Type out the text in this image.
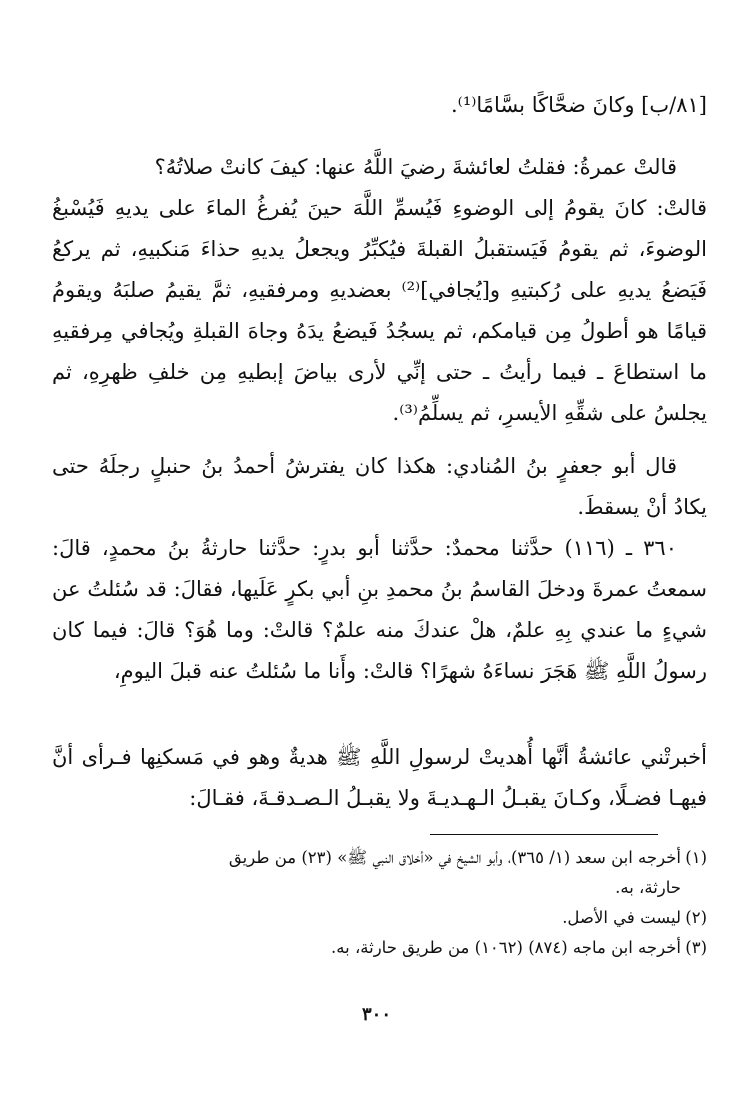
[٨١/ب] وكانَ ضحَّاكًا بسَّامًا⁽¹⁾.

قالتْ عمرةُ: فقلتُ لعائشةَ رضيَ اللَّهُ عنها: كيفَ كانتْ صلاتُهُ؟

قالتْ: كانَ يقومُ إلى الوضوءِ فَيُسمِّ اللَّهَ حينَ يُفرغُ الماءَ على يديهِ فَيُسْبغُ الوضوءَ، ثم يقومُ فَيَستقبلُ القبلةَ فيُكبِّرُ ويجعلُ يديهِ حذاءَ مَنكبيهِ، ثم يركعُ فَيَضعُ يديهِ على رُكبتيهِ و[يُجافي]⁽²⁾ بعضديهِ ومرفقيهِ، ثمَّ يقيمُ صلبَهُ ويقومُ قيامًا هو أطولُ مِن قيامكم، ثم يسجُدُ فَيضعُ يدَهُ وجاهَ القبلةِ ويُجافي مِرفقيهِ ما استطاعَ ـ فيما رأيتُ ـ حتى إنِّي لأرى بياضَ إبطيهِ مِن خلفِ ظهرِهِ، ثم يجلسُ على شقِّهِ الأيسرِ، ثم يسلِّمُ⁽³⁾.

قال أبو جعفرٍ بنُ المُنادي: هكذا كان يفترشُ أحمدُ بنُ حنبلٍ رجلَهُ حتى يكادُ أنْ يسقطَ.

٣٦٠ ـ (١١٦) حدَّثنا محمدٌ: حدَّثنا أبو بدرٍ: حدَّثنا حارثةُ بنُ محمدٍ، قالَ: سمعتُ عمرةَ ودخلَ القاسمُ بنُ محمدِ بنِ أبي بكرٍ عَلَيها، فقالَ: قد سُئلتُ عن شيءٍ ما عندي بِهِ علمٌ، هلْ عندكَ منه علمٌ؟ قالتْ: وما هُوَ؟ قالَ: فيما كان رسولُ اللَّهِ ﷺ هَجَرَ نساءَهُ شهرًا؟ قالتْ: وأَنا ما سُئلتُ عنه قبلَ اليومِ،

أخبرتْني عائشةُ أنَّها أُهديتْ لرسولِ اللَّهِ ﷺ هديةٌ وهو في مَسكنِها فـرأى أنَّ فيهـا فضـلًا، وكـانَ يقبـلُ الـهـديـةَ ولا يقبـلُ الـصـدقـةَ، فقـالَ:

(١)أخرجه ابن سعد (١/ ٣٦٥)، وأبو الشيخ في «أخلاق النبي ﷺ» (٢٣) من طريق

حارثة، به.

(٢)ليست في الأصل.

(٣)أخرجه ابن ماجه (٨٧٤) (١٠٦٢) من طريق حارثة، به.

٣٠٠
